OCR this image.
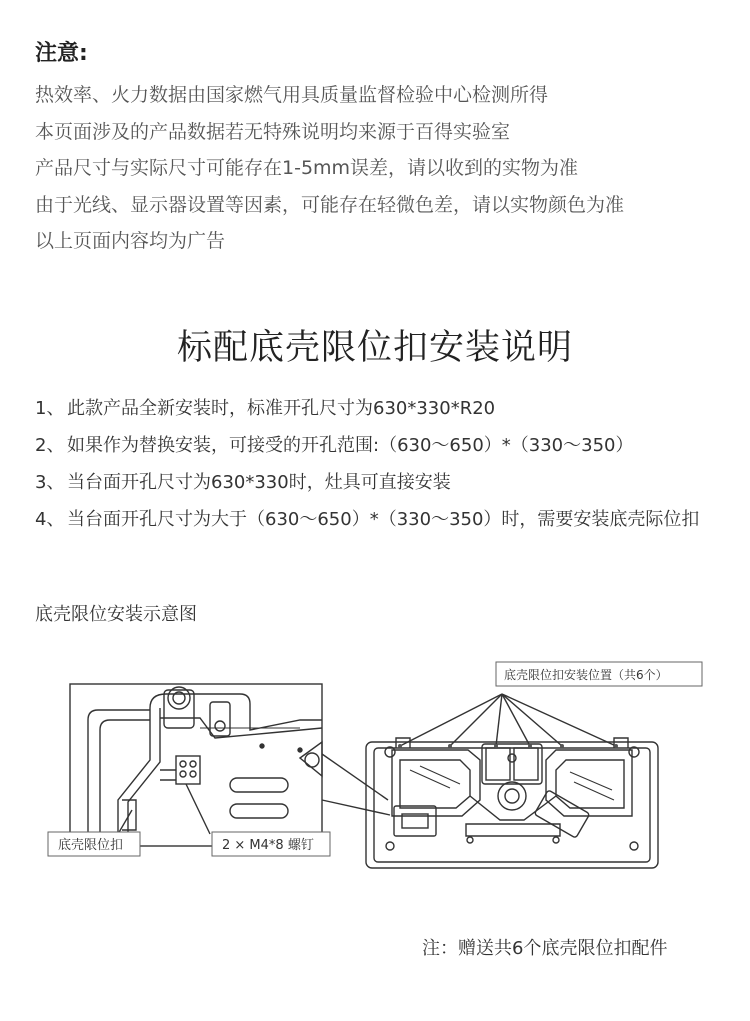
注意:
热效率、火力数据由国家燃气用具质量监督检验中心检测所得
本页面涉及的产品数据若无特殊说明均来源于百得实验室
产品尺寸与实际尺寸可能存在1-5mm误差，请以收到的实物为准
由于光线、显示器设置等因素，可能存在轻微色差，请以实物颜色为准
以上页面内容均为广告
标配底壳限位扣安装说明
1、 此款产品全新安装时，标准开孔尺寸为630*330*R20
2、 如果作为替换安装，可接受的开孔范围:（630～650）*（330～350）
3、 当台面开孔尺寸为630*330时，灶具可直接安装
4、 当台面开孔尺寸为大于（630～650）*（330～350）时，需要安装底壳际位扣

底壳限位安装示意图

底壳限位扣	2 × M4*8 螺钉
底壳限位扣安装位置（共6个）

注：赠送共6个底壳限位扣配件
